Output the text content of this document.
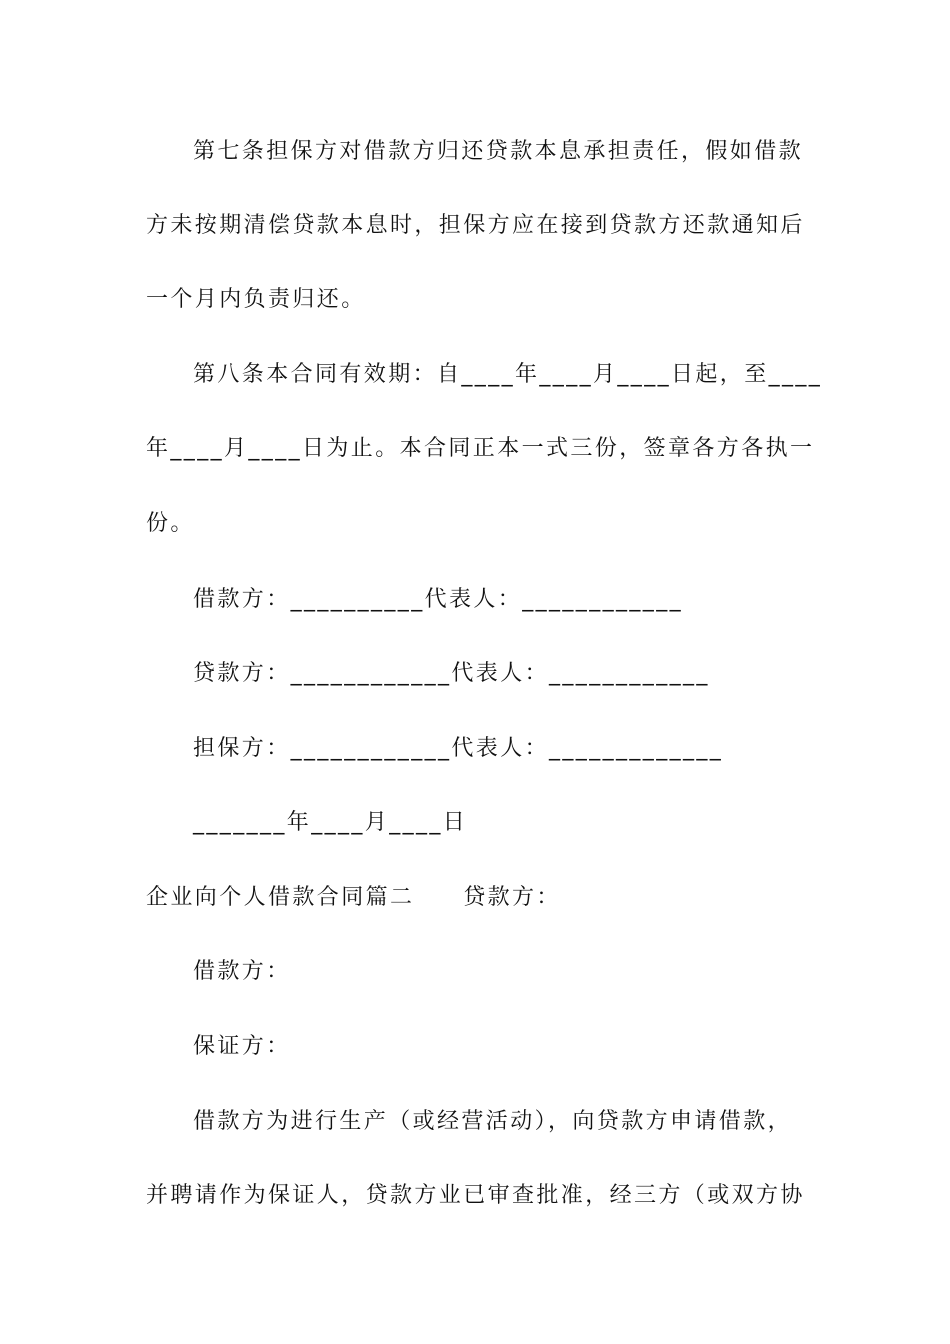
第七条担保方对借款方归还贷款本息承担责任，假如借款
方未按期清偿贷款本息时，担保方应在接到贷款方还款通知后
一个月内负责归还。
第八条本合同有效期：自____年____月____日起，至____
年____月____日为止。本合同正本一式三份，签章各方各执一
份。
借款方：__________代表人：____________
贷款方：____________代表人：____________
担保方：____________代表人：_____________
_______年____月____日
企业向个人借款合同篇二　　贷款方：
借款方：
保证方：
借款方为进行生产（或经营活动），向贷款方申请借款，
并聘请作为保证人，贷款方业已审查批准，经三方（或双方协
